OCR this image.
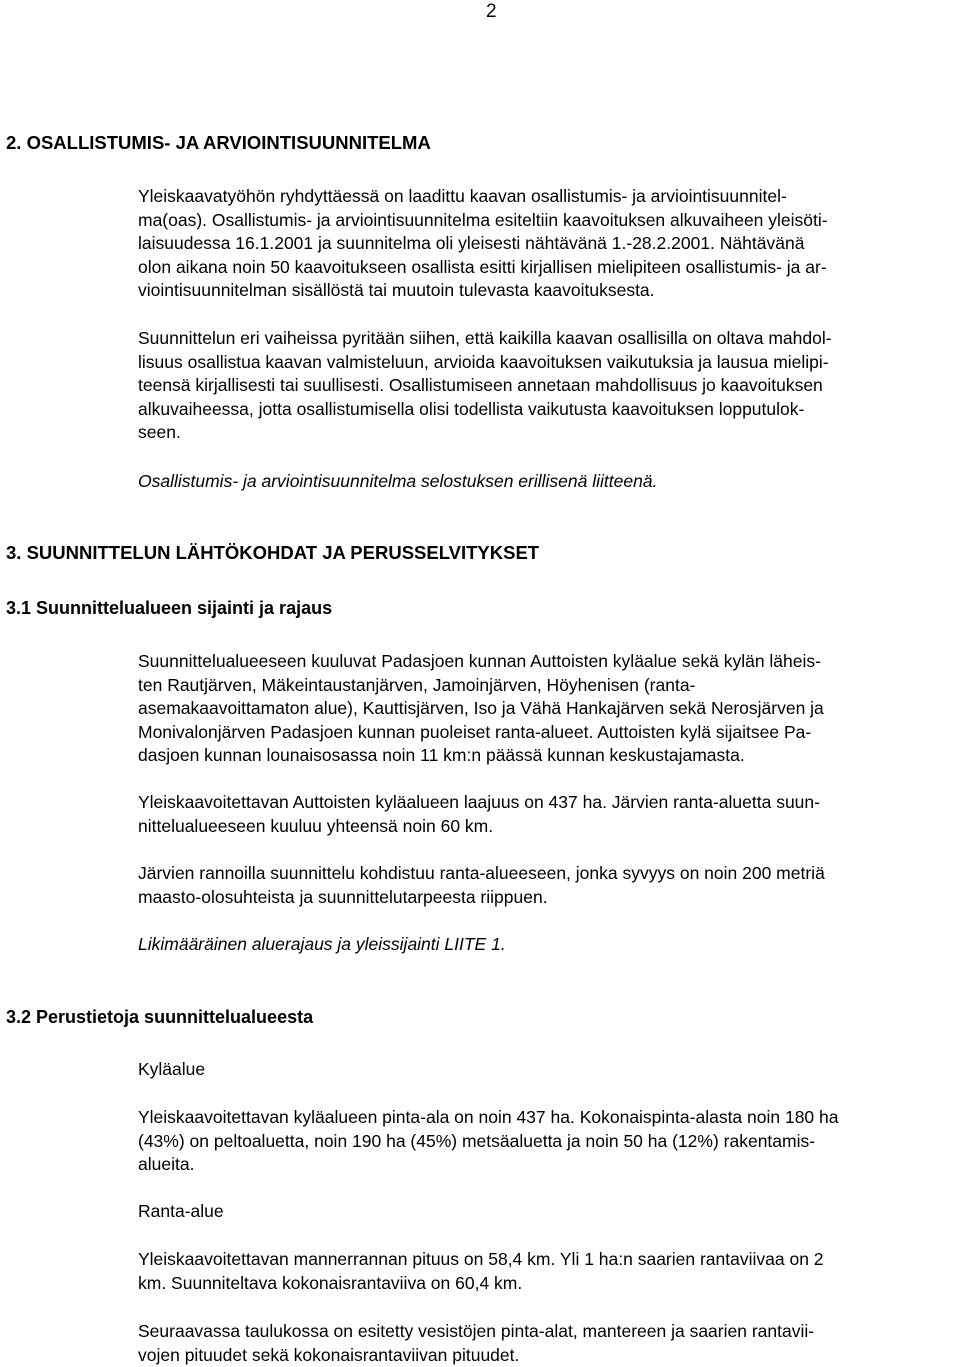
2
2. OSALLISTUMIS- JA ARVIOINTISUUNNITELMA
Yleiskaavatyöhön ryhdyttäessä on laadittu kaavan osallistumis- ja arviointisuunnitel-
ma(oas). Osallistumis- ja arviointisuunnitelma esiteltiin kaavoituksen alkuvaiheen yleisöti-
laisuudessa 16.1.2001 ja suunnitelma oli yleisesti nähtävänä 1.-28.2.2001. Nähtävänä
olon aikana noin 50 kaavoitukseen osallista esitti kirjallisen mielipiteen osallistumis- ja ar-
viointisuunnitelman sisällöstä tai muutoin tulevasta kaavoituksesta.
Suunnittelun eri vaiheissa pyritään siihen, että kaikilla kaavan osallisilla on oltava mahdol-
lisuus osallistua kaavan valmisteluun, arvioida kaavoituksen vaikutuksia ja lausua mielipi-
teensä kirjallisesti tai suullisesti. Osallistumiseen annetaan mahdollisuus jo kaavoituksen
alkuvaiheessa, jotta osallistumisella olisi todellista vaikutusta kaavoituksen lopputulok-
seen.
Osallistumis- ja arviointisuunnitelma selostuksen erillisenä liitteenä.
3. SUUNNITTELUN LÄHTÖKOHDAT JA PERUSSELVITYKSET
3.1 Suunnittelualueen sijainti ja rajaus
Suunnittelualueeseen kuuluvat Padasjoen kunnan Auttoisten kyläalue sekä kylän läheis-
ten Rautjärven, Mäkeintaustanjärven, Jamoinjärven, Höyhenisen (ranta-
asemakaavoittamaton alue), Kauttisjärven, Iso ja Vähä Hankajärven sekä Nerosjärven ja
Monivalonjärven Padasjoen kunnan puoleiset ranta-alueet. Auttoisten kylä sijaitsee Pa-
dasjoen kunnan lounaisosassa noin 11 km:n päässä kunnan keskustajamasta.
Yleiskaavoitettavan Auttoisten kyläalueen laajuus on 437 ha. Järvien ranta-aluetta suun-
nittelualueeseen kuuluu yhteensä noin 60 km.
Järvien rannoilla suunnittelu kohdistuu ranta-alueeseen, jonka syvyys on noin 200 metriä
maasto-olosuhteista ja suunnittelutarpeesta riippuen.
Likimääräinen aluerajaus ja yleissijainti LIITE 1.
3.2 Perustietoja suunnittelualueesta
Kyläalue
Yleiskaavoitettavan kyläalueen pinta-ala on noin 437 ha. Kokonaispinta-alasta noin 180 ha
(43%) on peltoaluetta, noin 190 ha (45%) metsäaluetta ja noin 50 ha (12%) rakentamis-
alueita.
Ranta-alue
Yleiskaavoitettavan mannerrannan pituus on 58,4 km. Yli 1 ha:n saarien rantaviivaa on 2
km. Suunniteltava kokonaisrantaviiva on 60,4 km.
Seuraavassa taulukossa on esitetty vesistöjen pinta-alat, mantereen ja saarien rantavii-
vojen pituudet sekä kokonaisrantaviivan pituudet.
